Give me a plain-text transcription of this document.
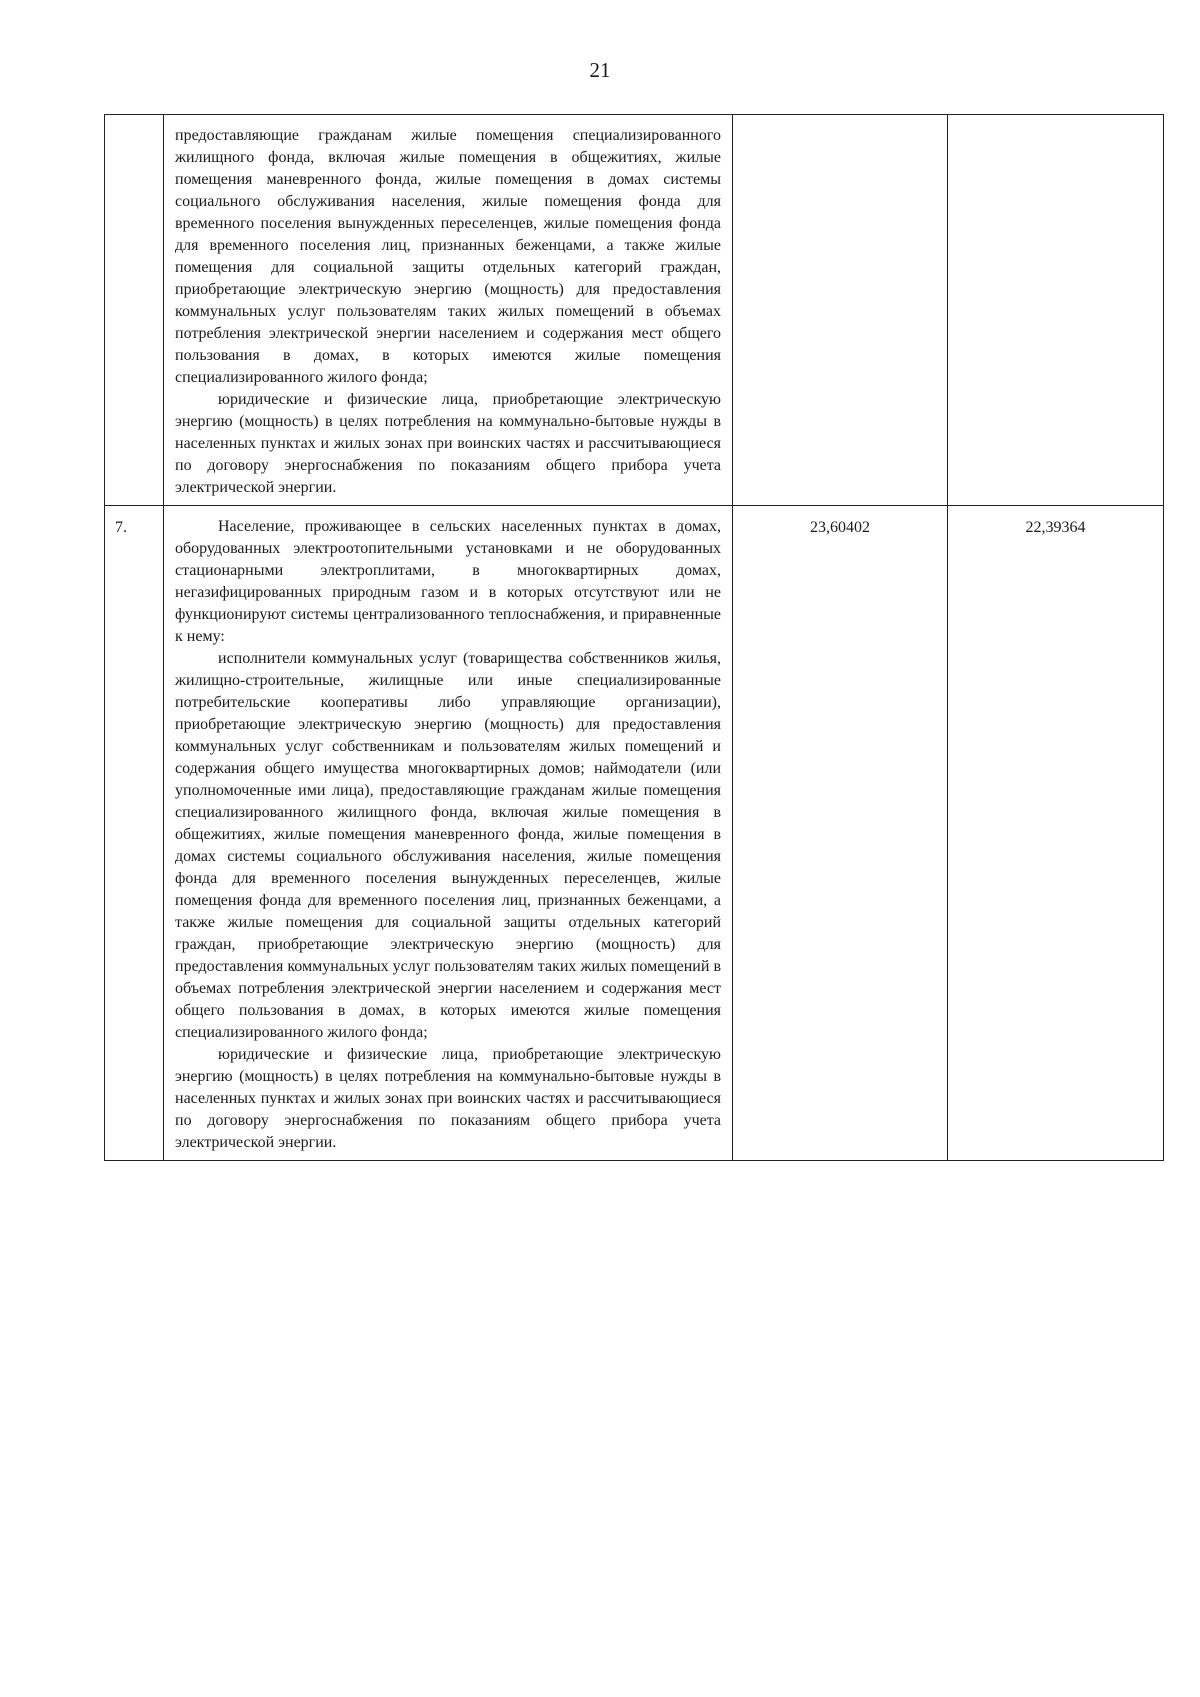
21

	предоставляющие гражданам жилые помещения специализированного жилищного фонда, включая жилые помещения в общежитиях, жилые помещения маневренного фонда, жилые помещения в домах системы социального обслуживания населения, жилые помещения фонда для временного поселения вынужденных переселенцев, жилые помещения фонда для временного поселения лиц, признанных беженцами, а также жилые помещения для социальной защиты отдельных категорий граждан, приобретающие электрическую энергию (мощность) для предоставления коммунальных услуг пользователям таких жилых помещений в объемах потребления электрической энергии населением и содержания мест общего пользования в домах, в которых имеются жилые помещения специализированного жилого фонда;

юридические и физические лица, приобретающие электрическую энергию (мощность) в целях потребления на коммунально-бытовые нужды в населенных пунктах и жилых зонах при воинских частях и рассчитывающиеся по договору энергоснабжения по показаниям общего прибора учета электрической энергии.		

7.	Население, проживающее в сельских населенных пунктах в домах, оборудованных электроотопительными установками и не оборудованных стационарными электроплитами, в многоквартирных домах, негазифицированных природным газом и в которых отсутствуют или не функционируют системы централизованного теплоснабжения, и приравненные к нему:

исполнители коммунальных услуг (товарищества собственников жилья, жилищно-строительные, жилищные или иные специализированные потребительские кооперативы либо управляющие организации), приобретающие электрическую энергию (мощность) для предоставления коммунальных услуг собственникам и пользователям жилых помещений и содержания общего имущества многоквартирных домов; наймодатели (или уполномоченные ими лица), предоставляющие гражданам жилые помещения специализированного жилищного фонда, включая жилые помещения в общежитиях, жилые помещения маневренного фонда, жилые помещения в домах системы социального обслуживания населения, жилые помещения фонда для временного поселения вынужденных переселенцев, жилые помещения фонда для временного поселения лиц, признанных беженцами, а также жилые помещения для социальной защиты отдельных категорий граждан, приобретающие электрическую энергию (мощность) для предоставления коммунальных услуг пользователям таких жилых помещений в объемах потребления электрической энергии населением и содержания мест общего пользования в домах, в которых имеются жилые помещения специализированного жилого фонда;

юридические и физические лица, приобретающие электрическую энергию (мощность) в целях потребления на коммунально-бытовые нужды в населенных пунктах и жилых зонах при воинских частях и рассчитывающиеся по договору энергоснабжения по показаниям общего прибора учета электрической энергии.	23,60402	22,39364
